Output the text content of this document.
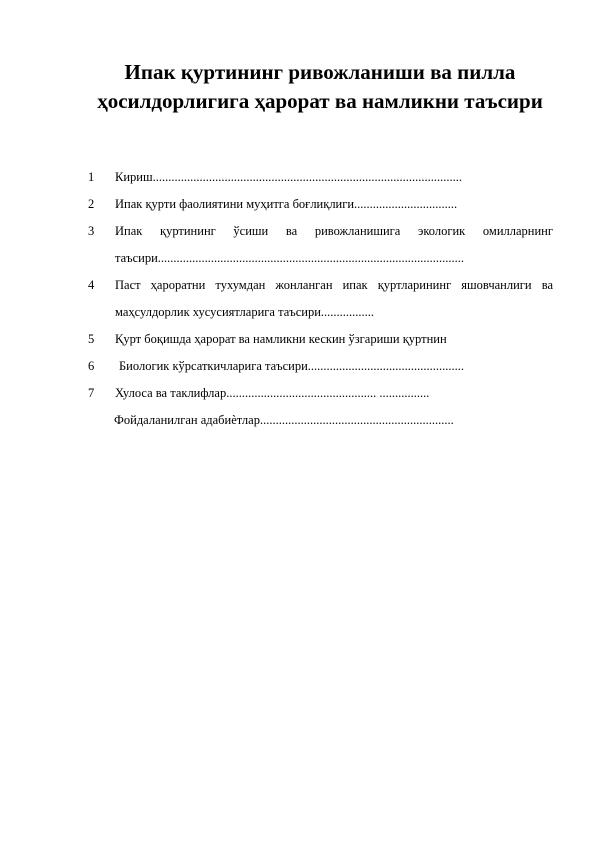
Ипак қуртининг ривожланиши ва пилла
ҳосилдорлигига ҳарорат ва намликни таъсири
1 Кириш...................................................................................................
2 Ипак қурти фаолиятини муҳитга боғлиқлиги.................................
3 Ипак қуртининг ўсиши ва ривожланишига экологик омилларнинг таъсири..................................................................................................
4 Паст ҳароратни тухумдан жонланган ипак қуртларининг яшовчанлиги ва маҳсулдорлик хусусиятларига таъсири.................
5 Қурт боқишда ҳарорат ва намликни кескин ўзгариши қуртнин
6	Биологик кўрсаткичларига таъсири..................................................
7 Хулоса ва таклифлар................................................ ................
Фойдаланилган адабиѐтлар..............................................................
